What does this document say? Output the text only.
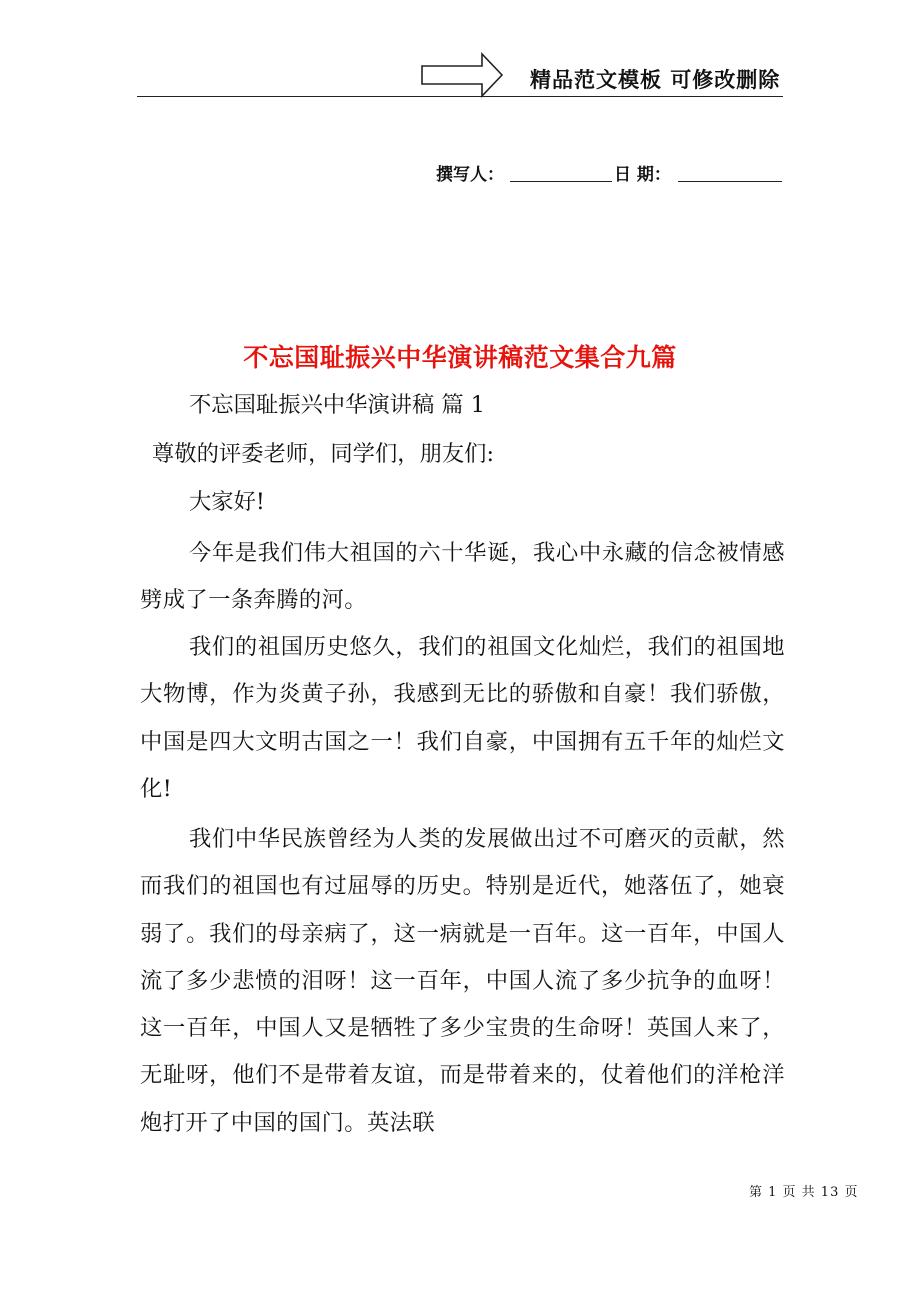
精品范文模板 可修改删除
撰写人：	日 期：
不忘国耻振兴中华演讲稿范文集合九篇
不忘国耻振兴中华演讲稿 篇 1
尊敬的评委老师，同学们，朋友们:
大家好!
今年是我们伟大祖国的六十华诞，我心中永藏的信念被情感劈成了一条奔腾的河。
我们的祖国历史悠久，我们的祖国文化灿烂，我们的祖国地大物博，作为炎黄子孙，我感到无比的骄傲和自豪！我们骄傲，中国是四大文明古国之一！我们自豪，中国拥有五千年的灿烂文化!
我们中华民族曾经为人类的发展做出过不可磨灭的贡献，然而我们的祖国也有过屈辱的历史。特别是近代，她落伍了，她衰弱了。我们的母亲病了，这一病就是一百年。这一百年，中国人流了多少悲愤的泪呀！这一百年，中国人流了多少抗争的血呀！这一百年，中国人又是牺牲了多少宝贵的生命呀！英国人来了，无耻呀，他们不是带着友谊，而是带着来的，仗着他们的洋枪洋炮打开了中国的国门。英法联
第 1 页 共 13 页
